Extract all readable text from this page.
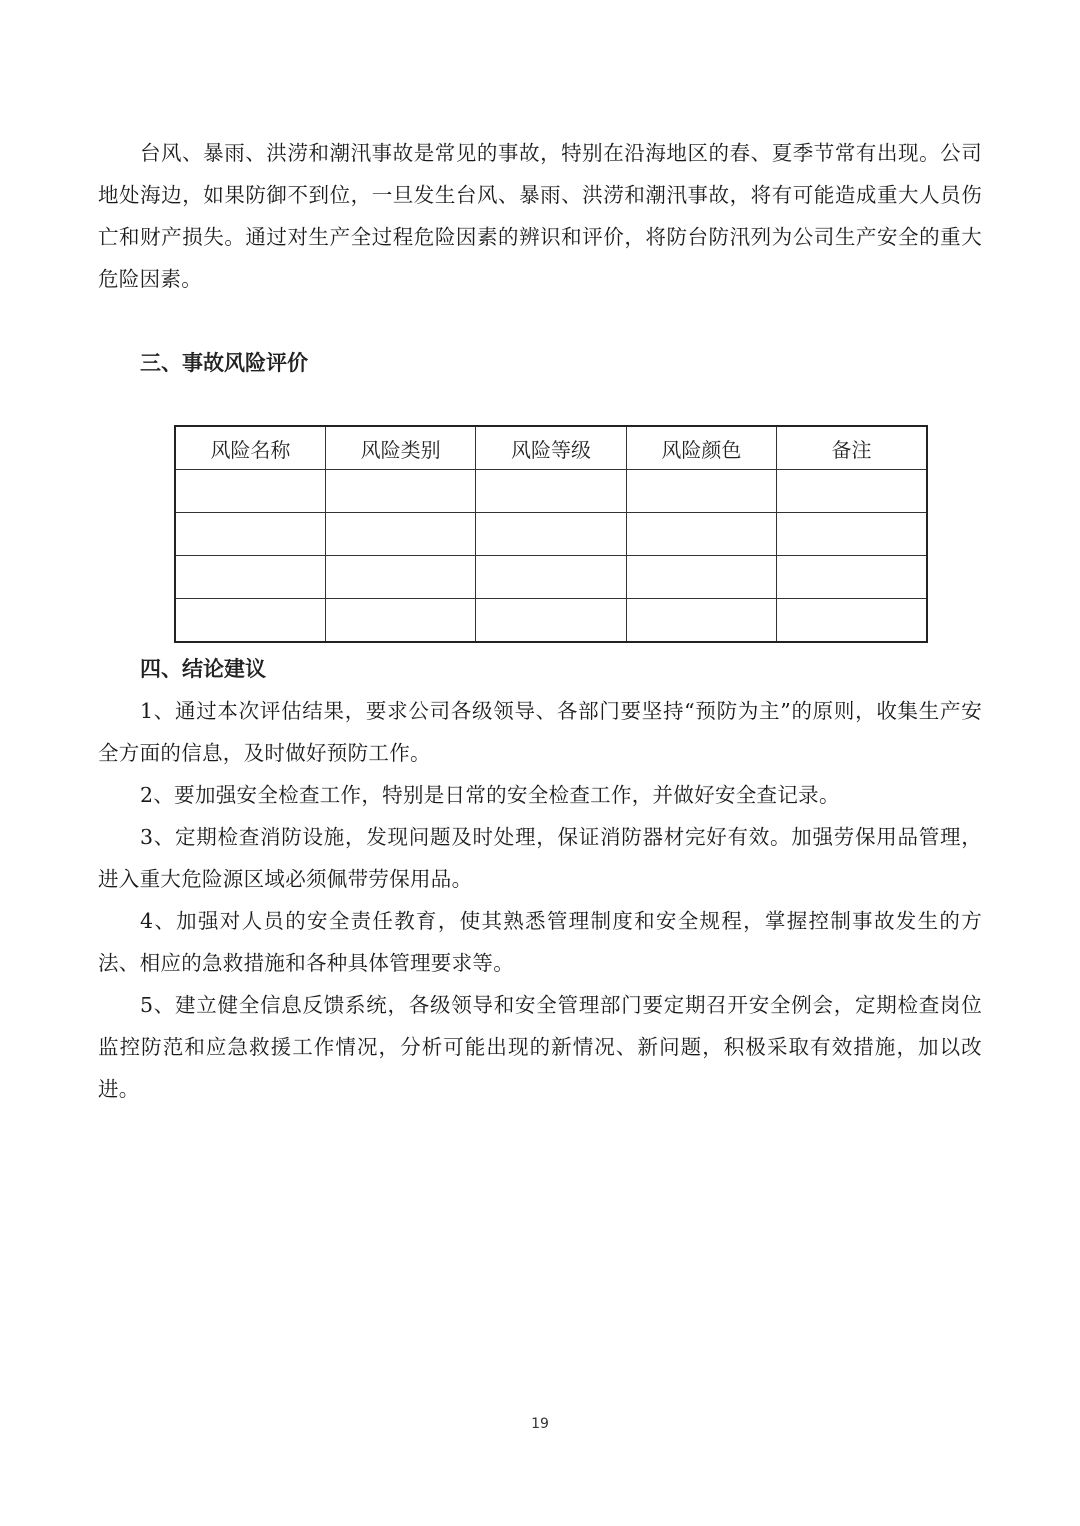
台风、暴雨、洪涝和潮汛事故是常见的事故，特别在沿海地区的春、夏季节常有出现。公司地处海边，如果防御不到位，一旦发生台风、暴雨、洪涝和潮汛事故，将有可能造成重大人员伤亡和财产损失。通过对生产全过程危险因素的辨识和评价，将防台防汛列为公司生产安全的重大危险因素。

三、事故风险评价
风险名称	风险类别	风险等级	风险颜色	备注

四、结论建议

1、通过本次评估结果，要求公司各级领导、各部门要坚持“预防为主”的原则，收集生产安全方面的信息，及时做好预防工作。

2、要加强安全检查工作，特别是日常的安全检查工作，并做好安全查记录。

3、定期检查消防设施，发现问题及时处理，保证消防器材完好有效。加强劳保用品管理，进入重大危险源区域必须佩带劳保用品。

4、加强对人员的安全责任教育，使其熟悉管理制度和安全规程，掌握控制事故发生的方法、相应的急救措施和各种具体管理要求等。

5、建立健全信息反馈系统，各级领导和安全管理部门要定期召开安全例会，定期检查岗位监控防范和应急救援工作情况，分析可能出现的新情况、新问题，积极采取有效措施，加以改进。

19
